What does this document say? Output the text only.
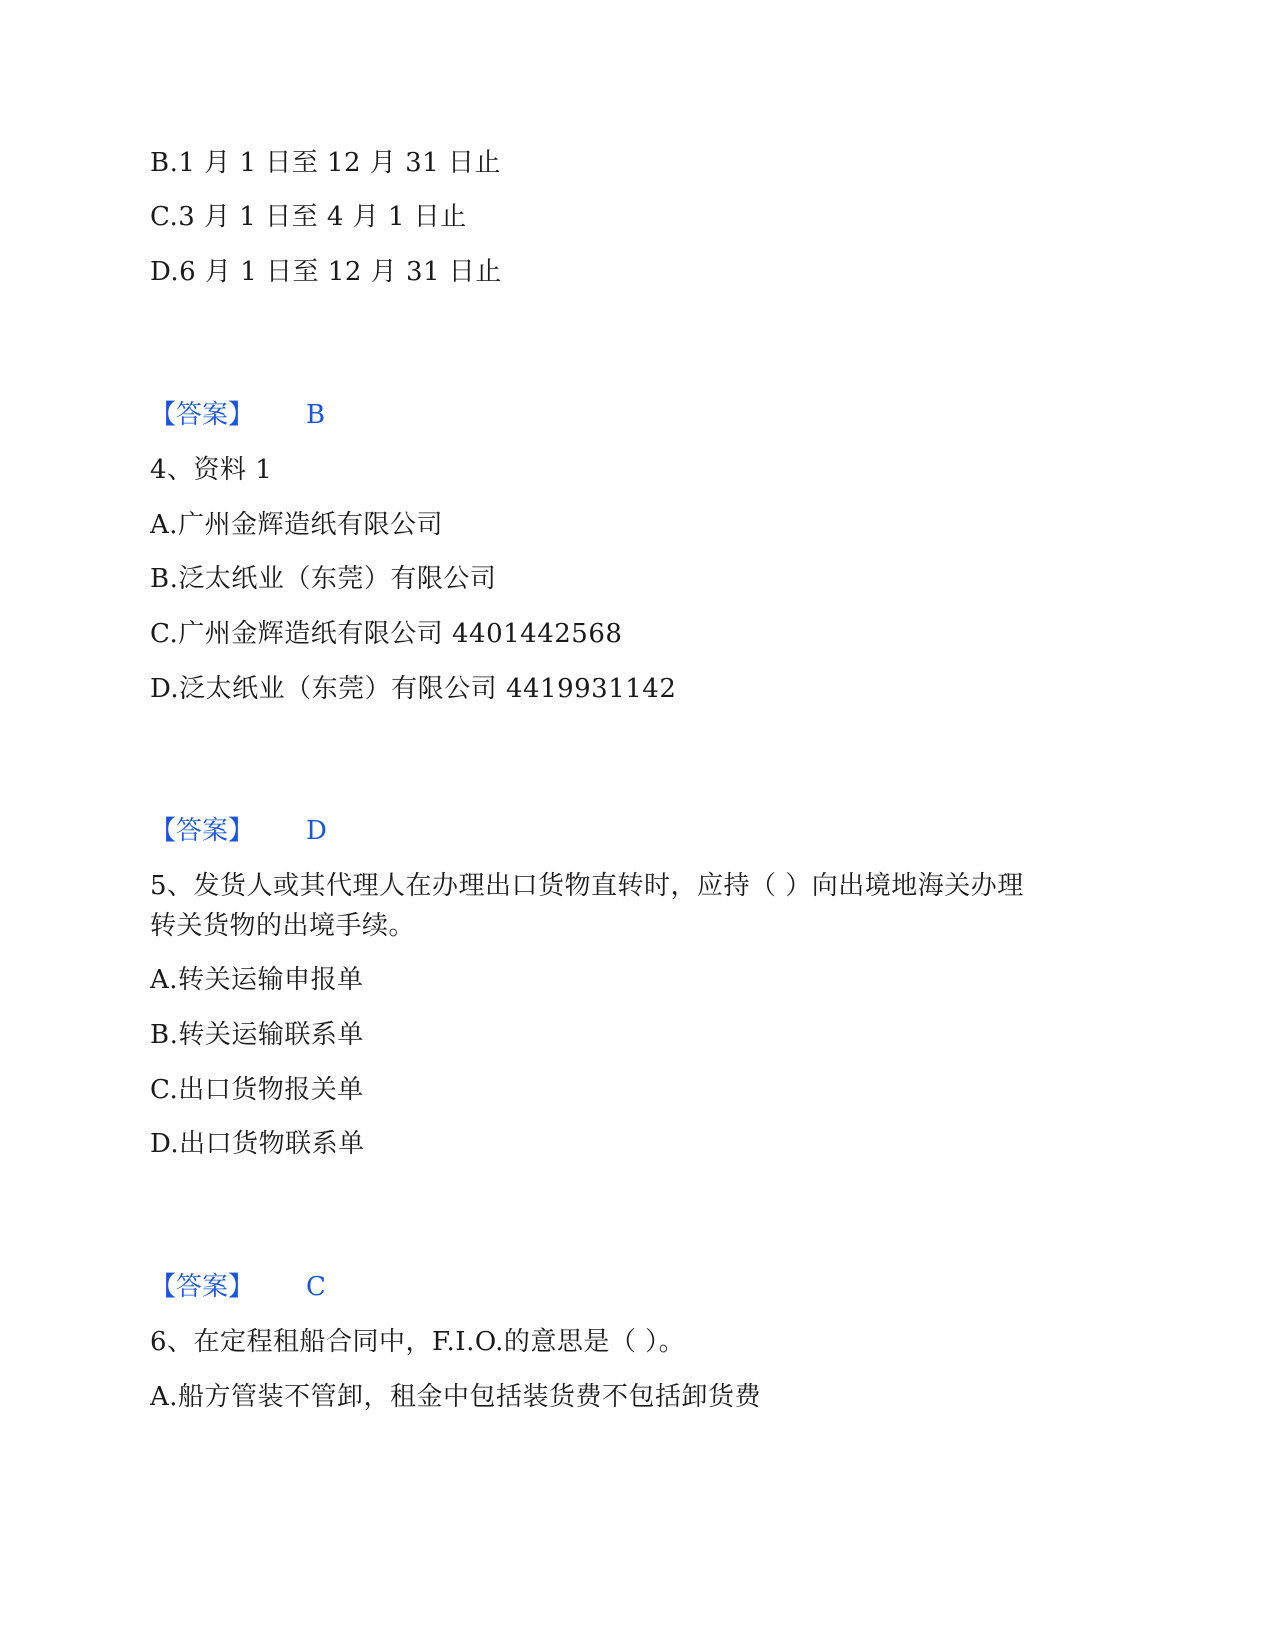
B.1 月 1 日至 12 月 31 日止
C.3 月 1 日至 4 月 1 日止
D.6 月 1 日至 12 月 31 日止
【答案】 B
4、资料 1
A.广州金辉造纸有限公司
B.泛太纸业（东莞）有限公司
C.广州金辉造纸有限公司 4401442568
D.泛太纸业（东莞）有限公司 4419931142
【答案】 D
5、发货人或其代理人在办理出口货物直转时，应持（ ）向出境地海关办理
转关货物的出境手续。
A.转关运输申报单
B.转关运输联系单
C.出口货物报关单
D.出口货物联系单
【答案】 C
6、在定程租船合同中，F.I.O.的意思是（ ）。
A.船方管装不管卸，租金中包括装货费不包括卸货费
